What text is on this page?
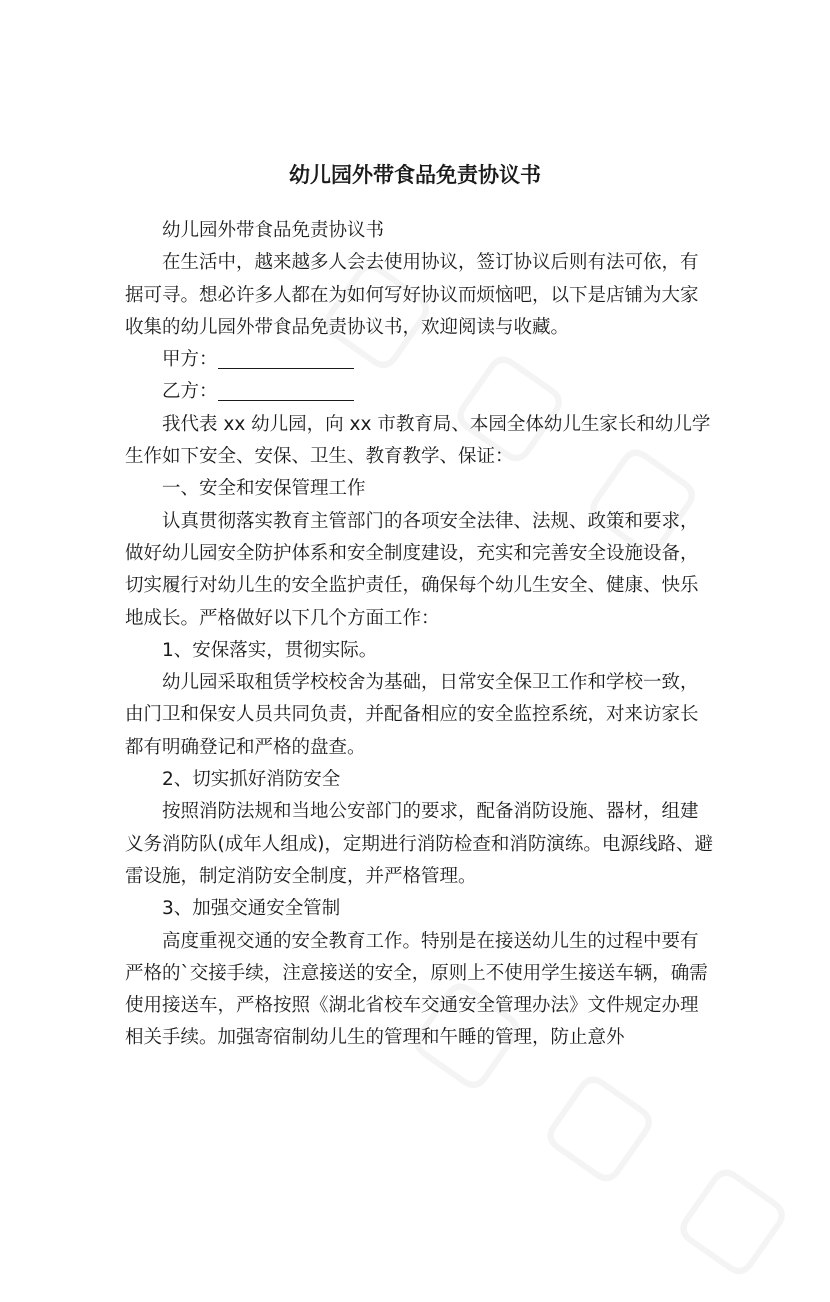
幼儿园外带食品免责协议书

幼儿园外带食品免责协议书

在生活中，越来越多人会去使用协议，签订协议后则有法可依，有据可寻。想必许多人都在为如何写好协议而烦恼吧，以下是店铺为大家收集的幼儿园外带食品免责协议书，欢迎阅读与收藏。

甲方：

乙方：

我代表 xx 幼儿园，向 xx 市教育局、本园全体幼儿生家长和幼儿学生作如下安全、安保、卫生、教育教学、保证：

一、安全和安保管理工作

认真贯彻落实教育主管部门的各项安全法律、法规、政策和要求，做好幼儿园安全防护体系和安全制度建设，充实和完善安全设施设备，切实履行对幼儿生的安全监护责任，确保每个幼儿生安全、健康、快乐地成长。严格做好以下几个方面工作：

1、安保落实，贯彻实际。

幼儿园采取租赁学校校舍为基础，日常安全保卫工作和学校一致，由门卫和保安人员共同负责，并配备相应的安全监控系统，对来访家长都有明确登记和严格的盘查。

2、切实抓好消防安全

按照消防法规和当地公安部门的要求，配备消防设施、器材，组建义务消防队(成年人组成)，定期进行消防检查和消防演练。电源线路、避雷设施，制定消防安全制度，并严格管理。

3、加强交通安全管制

高度重视交通的安全教育工作。特别是在接送幼儿生的过程中要有严格的`交接手续，注意接送的安全，原则上不使用学生接送车辆，确需使用接送车，严格按照《湖北省校车交通安全管理办法》文件规定办理相关手续。加强寄宿制幼儿生的管理和午睡的管理，防止意外
